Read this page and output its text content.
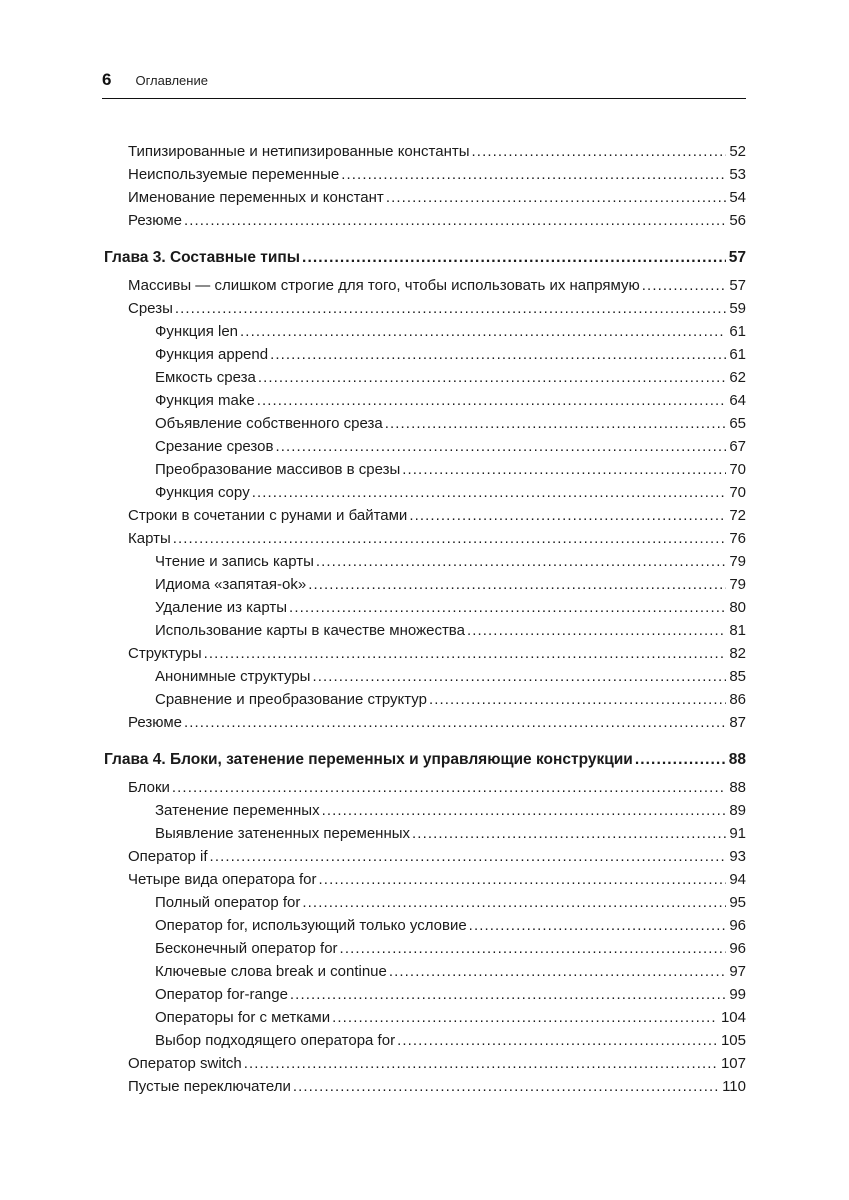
6 Оглавление
Типизированные и нетипизированные константы .....	52
Неиспользуемые переменные .....	53
Именование переменных и констант .....	54
Резюме .....	56
Глава 3. Составные типы .....	57
Массивы — слишком строгие для того, чтобы использовать их напрямую .....	57
Срезы .....	59
Функция len .....	61
Функция append .....	61
Емкость среза .....	62
Функция make .....	64
Объявление собственного среза .....	65
Срезание срезов .....	67
Преобразование массивов в срезы .....	70
Функция copy .....	70
Строки в сочетании с рунами и байтами .....	72
Карты .....	76
Чтение и запись карты .....	79
Идиома «запятая-ok» .....	79
Удаление из карты .....	80
Использование карты в качестве множества .....	81
Структуры .....	82
Анонимные структуры .....	85
Сравнение и преобразование структур .....	86
Резюме .....	87
Глава 4. Блоки, затенение переменных и управляющие конструкции .....	88
Блоки .....	88
Затенение переменных .....	89
Выявление затененных переменных .....	91
Оператор if .....	93
Четыре вида оператора for .....	94
Полный оператор for .....	95
Оператор for, использующий только условие .....	96
Бесконечный оператор for .....	96
Ключевые слова break и continue .....	97
Оператор for-range .....	99
Операторы for с метками .....	104
Выбор подходящего оператора for .....	105
Оператор switch .....	107
Пустые переключатели .....	110
